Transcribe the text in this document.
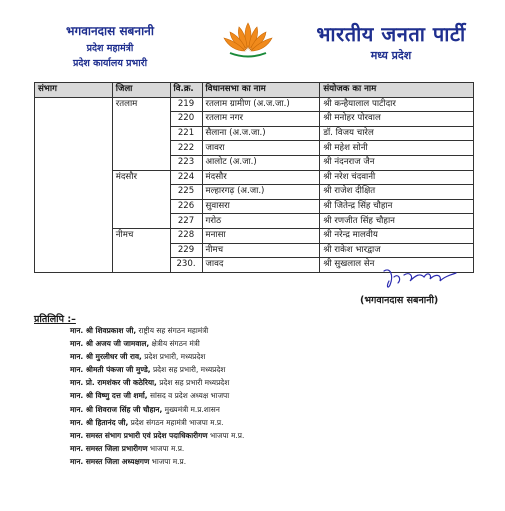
भगवानदास सबनानी
प्रदेश महामंत्री
प्रदेश कार्यालय प्रभारी
भारतीय जनता पार्टी
मध्य प्रदेश
संभाग	जिला	वि.क्र.	विधानसभा का नाम	संयोजक का नाम
	रतलाम	219	रतलाम ग्रामीण (अ.ज.जा.)	श्री कन्हैयालाल पाटीदार
		220	रतलाम नगर	श्री मनोहर पोरवाल
		221	सैलाना (अ.ज.जा.)	डॉ. विजय चारेल
		222	जावरा	श्री महेश सोनी
		223	आलोट (अ.जा.)	श्री नंदनराज जैन
	मंदसौर	224	मंदसौर	श्री नरेश चंदवानी
		225	मल्हारगढ़ (अ.जा.)	श्री राजेश दीक्षित
		226	सुवासरा	श्री जितेन्द्र सिंह चौहान
		227	गरोठ	श्री रणजीत सिंह चौहान
	नीमच	228	मनासा	श्री नरेन्द्र मालवीय
		229	नीमच	श्री राकेश भारद्वाज
		230.	जावद	श्री सुखलाल सेन
(भगवानदास सबनानी)
प्रतिलिपि :–
मान. श्री शिवप्रकाश जी, राष्ट्रीय सह संगठन महामंत्री
मान. श्री अजय जी जामवाल, क्षेत्रीय संगठन मंत्री
मान. श्री मुरलीधर जी राव, प्रदेश प्रभारी, मध्यप्रदेश
मान. श्रीमती पंकजा जी मुण्डे, प्रदेश सह प्रभारी, मध्यप्रदेश
मान. प्रो. रामशंकर जी कठेरिया, प्रदेश सह प्रभारी मध्यप्रदेश
मान. श्री विष्णु दत्त जी शर्मा, सांसद व प्रदेश अध्यक्ष भाजपा
मान. श्री शिवराज सिंह जी चौहान, मुख्यमंत्री म.प्र.शासन
मान. श्री हितानंद जी, प्रदेश संगठन महामंत्री भाजपा म.प्र.
मान. समस्त संभाग प्रभारी एवं प्रदेश पदाधिकारीगण भाजपा म.प्र.
मान. समस्त जिला प्रभारीगण भाजपा म.प्र.
मान. समस्त जिला अध्यक्षगण भाजपा म.प्र.
